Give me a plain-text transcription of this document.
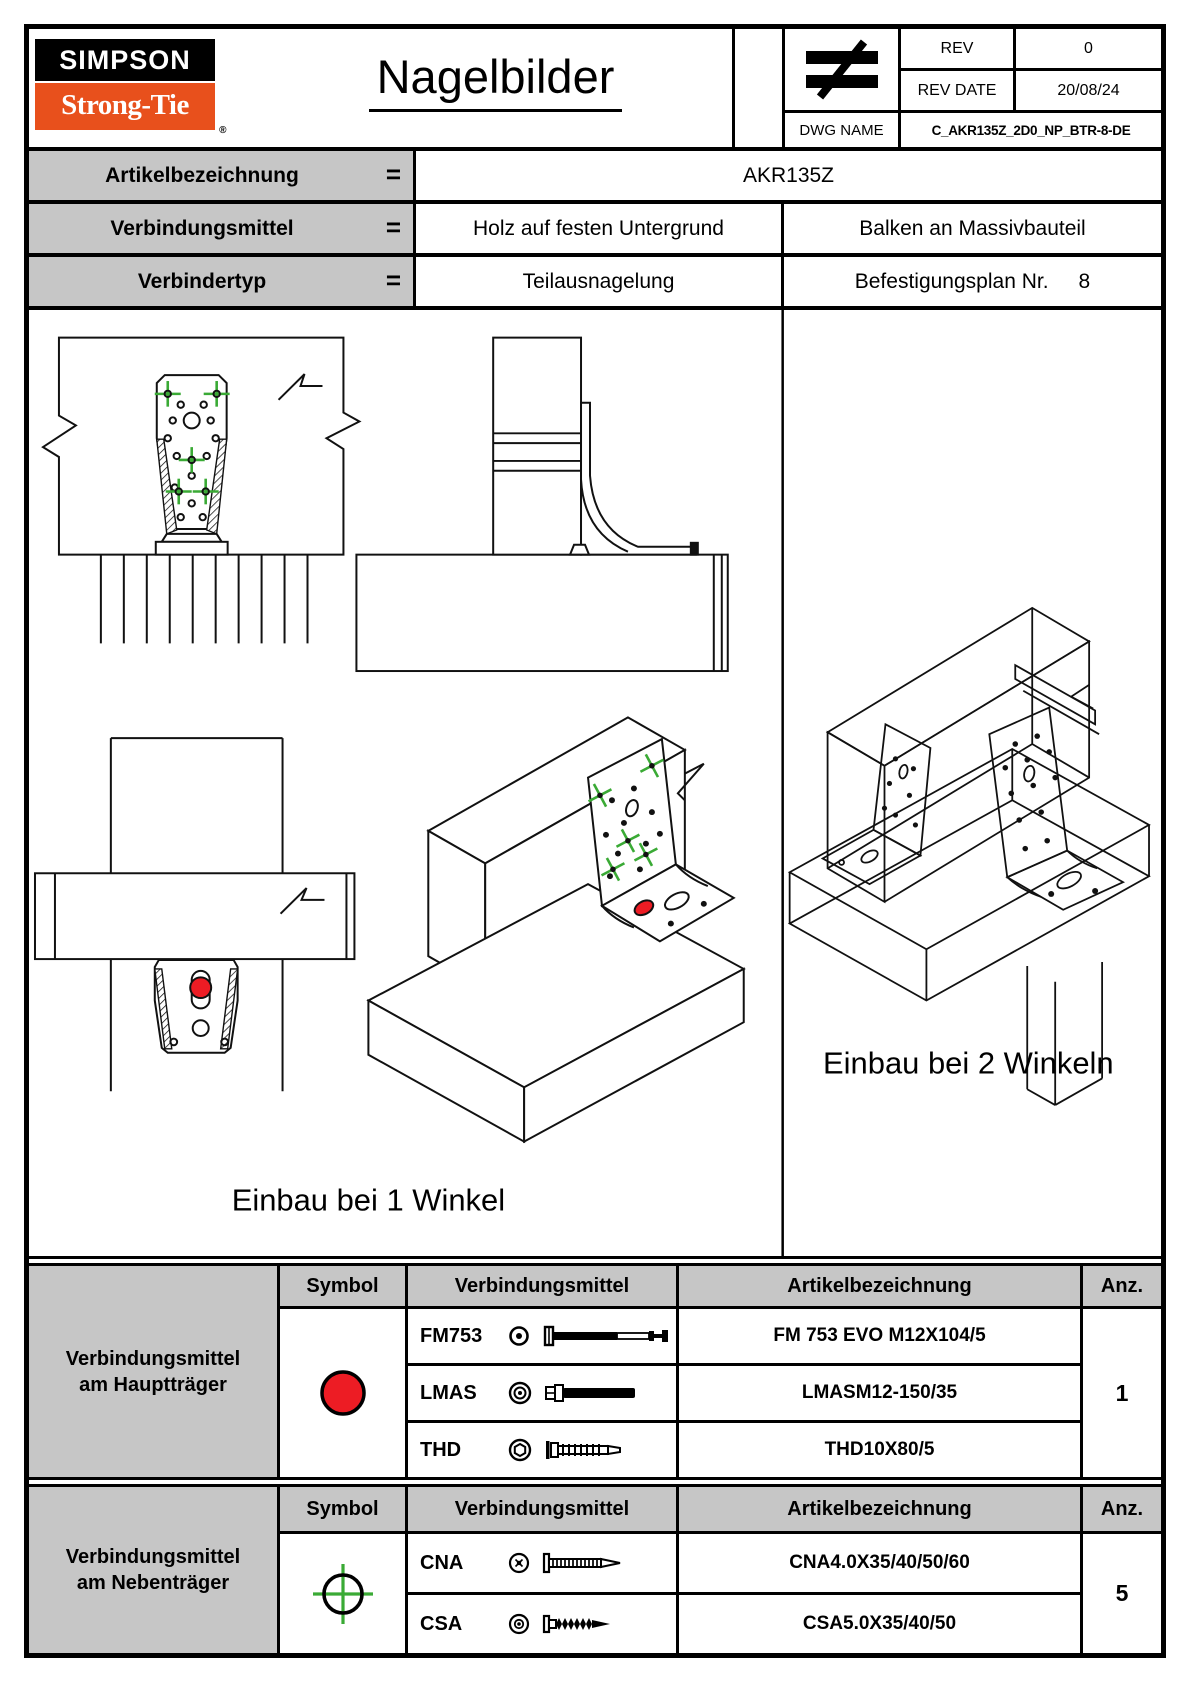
SIMPSON
Strong-Tie
®
Nagelbilder
REV	0
REV DATE	20/08/24
DWG NAME	C_AKR135Z_2D0_NP_BTR-8-DE
Artikelbezeichnung	=	AKR135Z
Verbindungsmittel	=	Holz auf festen Untergrund	Balken an Massivbauteil
Verbindertyp	=	Teilausnagelung	Befestigungsplan Nr. 8
Einbau bei 1 Winkel
Einbau bei 2 Winkeln
Verbindungsmittel
am Hauptträger
Symbol	Verbindungsmittel	Artikelbezeichnung	Anz.
FM753	FM 753 EVO M12X104/5
1
LMAS	LMASM12-150/35
THD	THD10X80/5
Verbindungsmittel
am Nebenträger
Symbol	Verbindungsmittel	Artikelbezeichnung	Anz.
CNA	CNA4.0X35/40/50/60
5
CSA	CSA5.0X35/40/50
